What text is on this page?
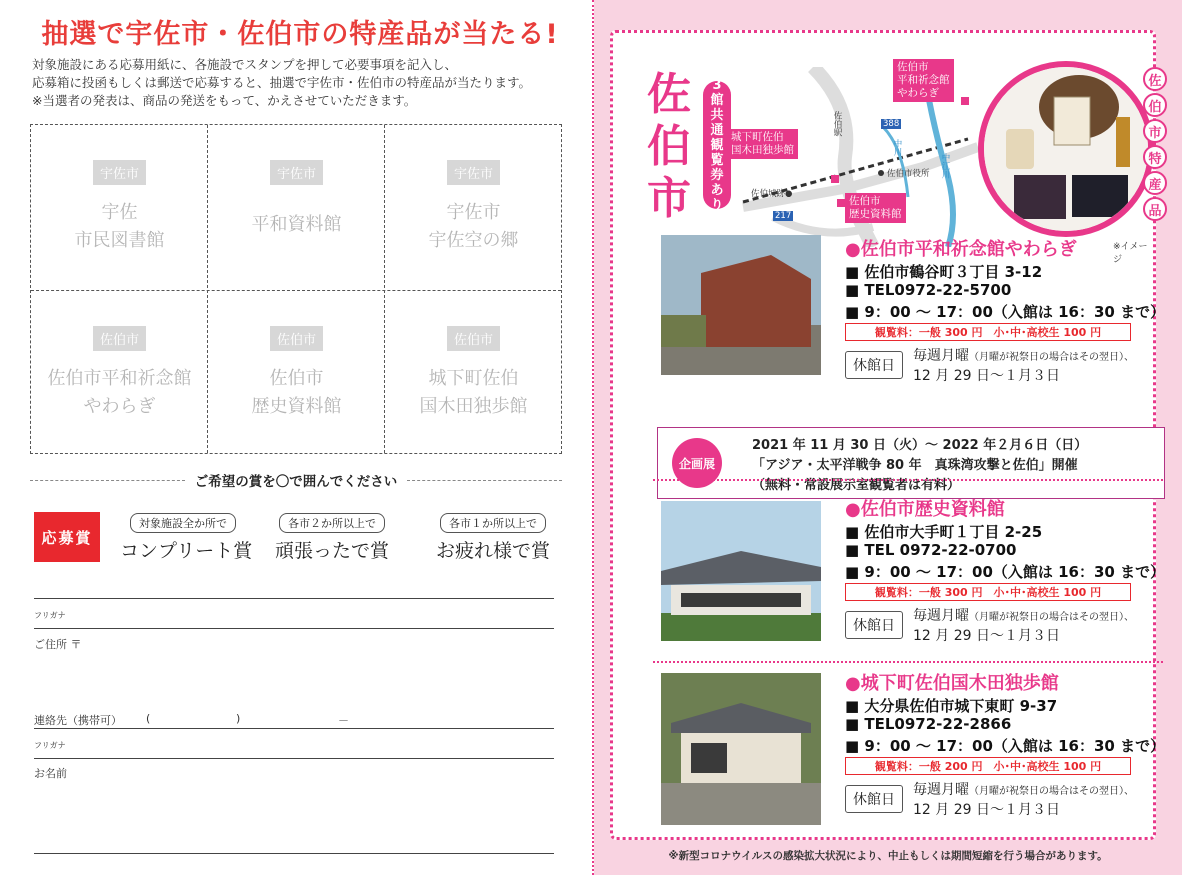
抽選で宇佐市・佐伯市の特産品が当たる!
対象施設にある応募用紙に、各施設でスタンプを押して必要事項を記入し、
応募箱に投函もしくは郵送で応募すると、抽選で宇佐市・佐伯市の特産品が当たります。
※当選者の発表は、商品の発送をもって、かえさせていただきます。
宇佐市
宇佐
市民図書館
宇佐市
平和資料館
宇佐市
宇佐市
宇佐空の郷
佐伯市
佐伯市平和祈念館
やわらぎ
佐伯市
佐伯市
歴史資料館
佐伯市
城下町佐伯
国木田独歩館
ご希望の賞を〇で囲んでください
応募賞
対象施設全か所で
コンプリート賞
各市２か所以上で
頑張ったで賞
各市１か所以上で
お疲れ様で賞
フリガナ
ご住所 〒
連絡先（携帯可） (	)	－
フリガナ
お名前
佐
伯
市
3
館
共
通
観
覧
券
あ
り
佐伯市
平和祈念館
やわらぎ
城下町佐伯
国木田独歩館
佐伯市
歴史資料館
佐伯駅
佐伯市役所
佐伯城跡●
388
217
中川
中江川
佐
伯
市
特
産
品
※イメージ
●佐伯市平和祈念館やわらぎ
■ 佐伯市鶴谷町３丁目 3-12
■ TEL0972-22-5700
■ 9：00 ～ 17：00（入館は 16：30 まで）
観覧料：一般 300 円　小･中･高校生 100 円
休館日
毎週月曜（月曜が祝祭日の場合はその翌日）、
12 月 29 日～１月３日
企画展
2021 年 11 月 30 日（火）～ 2022 年２月６日（日）
「アジア・太平洋戦争 80 年　真珠湾攻撃と佐伯」開催
（無料・常設展示室観覧者は有料）
●佐伯市歴史資料館
■ 佐伯市大手町１丁目 2-25
■ TEL 0972-22-0700
■ 9：00 ～ 17：00（入館は 16：30 まで）
観覧料：一般 300 円　小･中･高校生 100 円
休館日
毎週月曜（月曜が祝祭日の場合はその翌日）、
12 月 29 日～１月３日
●城下町佐伯国木田独歩館
■ 大分県佐伯市城下東町 9-37
■ TEL0972-22-2866
■ 9：00 ～ 17：00（入館は 16：30 まで）
観覧料：一般 200 円　小･中･高校生 100 円
休館日
毎週月曜（月曜が祝祭日の場合はその翌日）、
12 月 29 日～１月３日
※新型コロナウイルスの感染拡大状況により、中止もしくは期間短縮を行う場合があります。
